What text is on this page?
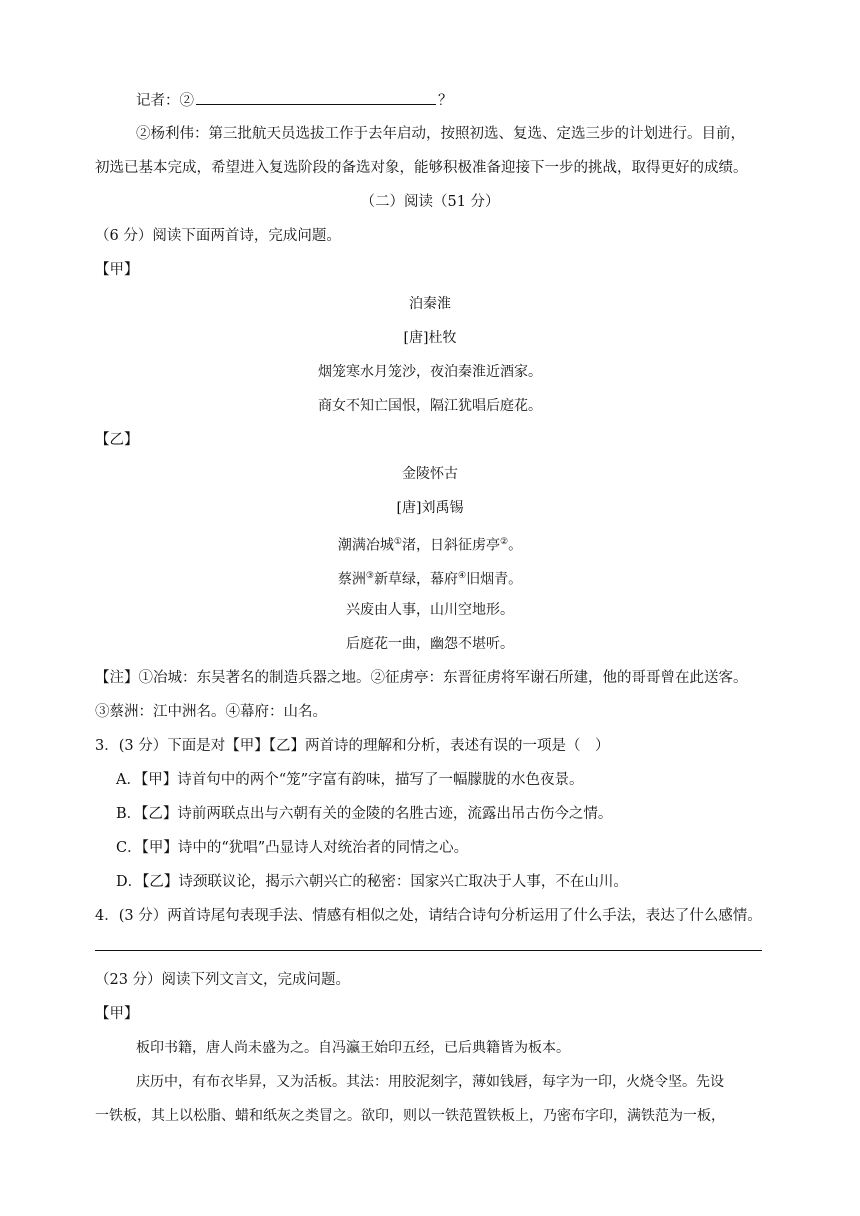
记者：②	？
②杨利伟：第三批航天员选拔工作于去年启动，按照初选、复选、定选三步的计划进行。目前，
初选已基本完成，希望进入复选阶段的备选对象，能够积极准备迎接下一步的挑战，取得更好的成绩。
（二）阅读（51 分）
（6 分）阅读下面两首诗，完成问题。
【甲】
泊秦淮
[唐]杜牧
烟笼寒水月笼沙，夜泊秦淮近酒家。
商女不知亡国恨，隔江犹唱后庭花。
【乙】
金陵怀古
[唐]刘禹锡
潮满冶城①渚，日斜征虏亭②。
蔡洲③新草绿，幕府④旧烟青。
兴废由人事，山川空地形。
后庭花一曲，幽怨不堪听。
【注】①冶城：东吴著名的制造兵器之地。②征虏亭：东晋征虏将军谢石所建，他的哥哥曾在此送客。
③蔡洲：江中洲名。④幕府：山名。
3．(3 分）下面是对【甲】【乙】两首诗的理解和分析，表述有误的一项是（　）
A．【甲】诗首句中的两个“笼”字富有韵味，描写了一幅朦胧的水色夜景。
B．【乙】诗前两联点出与六朝有关的金陵的名胜古迹，流露出吊古伤今之情。
C．【甲】诗中的“犹唱”凸显诗人对统治者的同情之心。
D．【乙】诗颈联议论，揭示六朝兴亡的秘密：国家兴亡取决于人事，不在山川。
4．(3 分）两首诗尾句表现手法、情感有相似之处，请结合诗句分析运用了什么手法，表达了什么感情。
（23 分）阅读下列文言文，完成问题。
【甲】
板印书籍，唐人尚未盛为之。自冯瀛王始印五经，已后典籍皆为板本。
庆历中，有布衣毕昇，又为活板。其法：用胶泥刻字，薄如钱唇，每字为一印，火烧令坚。先设
一铁板，其上以松脂、蜡和纸灰之类冒之。欲印，则以一铁范置铁板上，乃密布字印，满铁范为一板，
